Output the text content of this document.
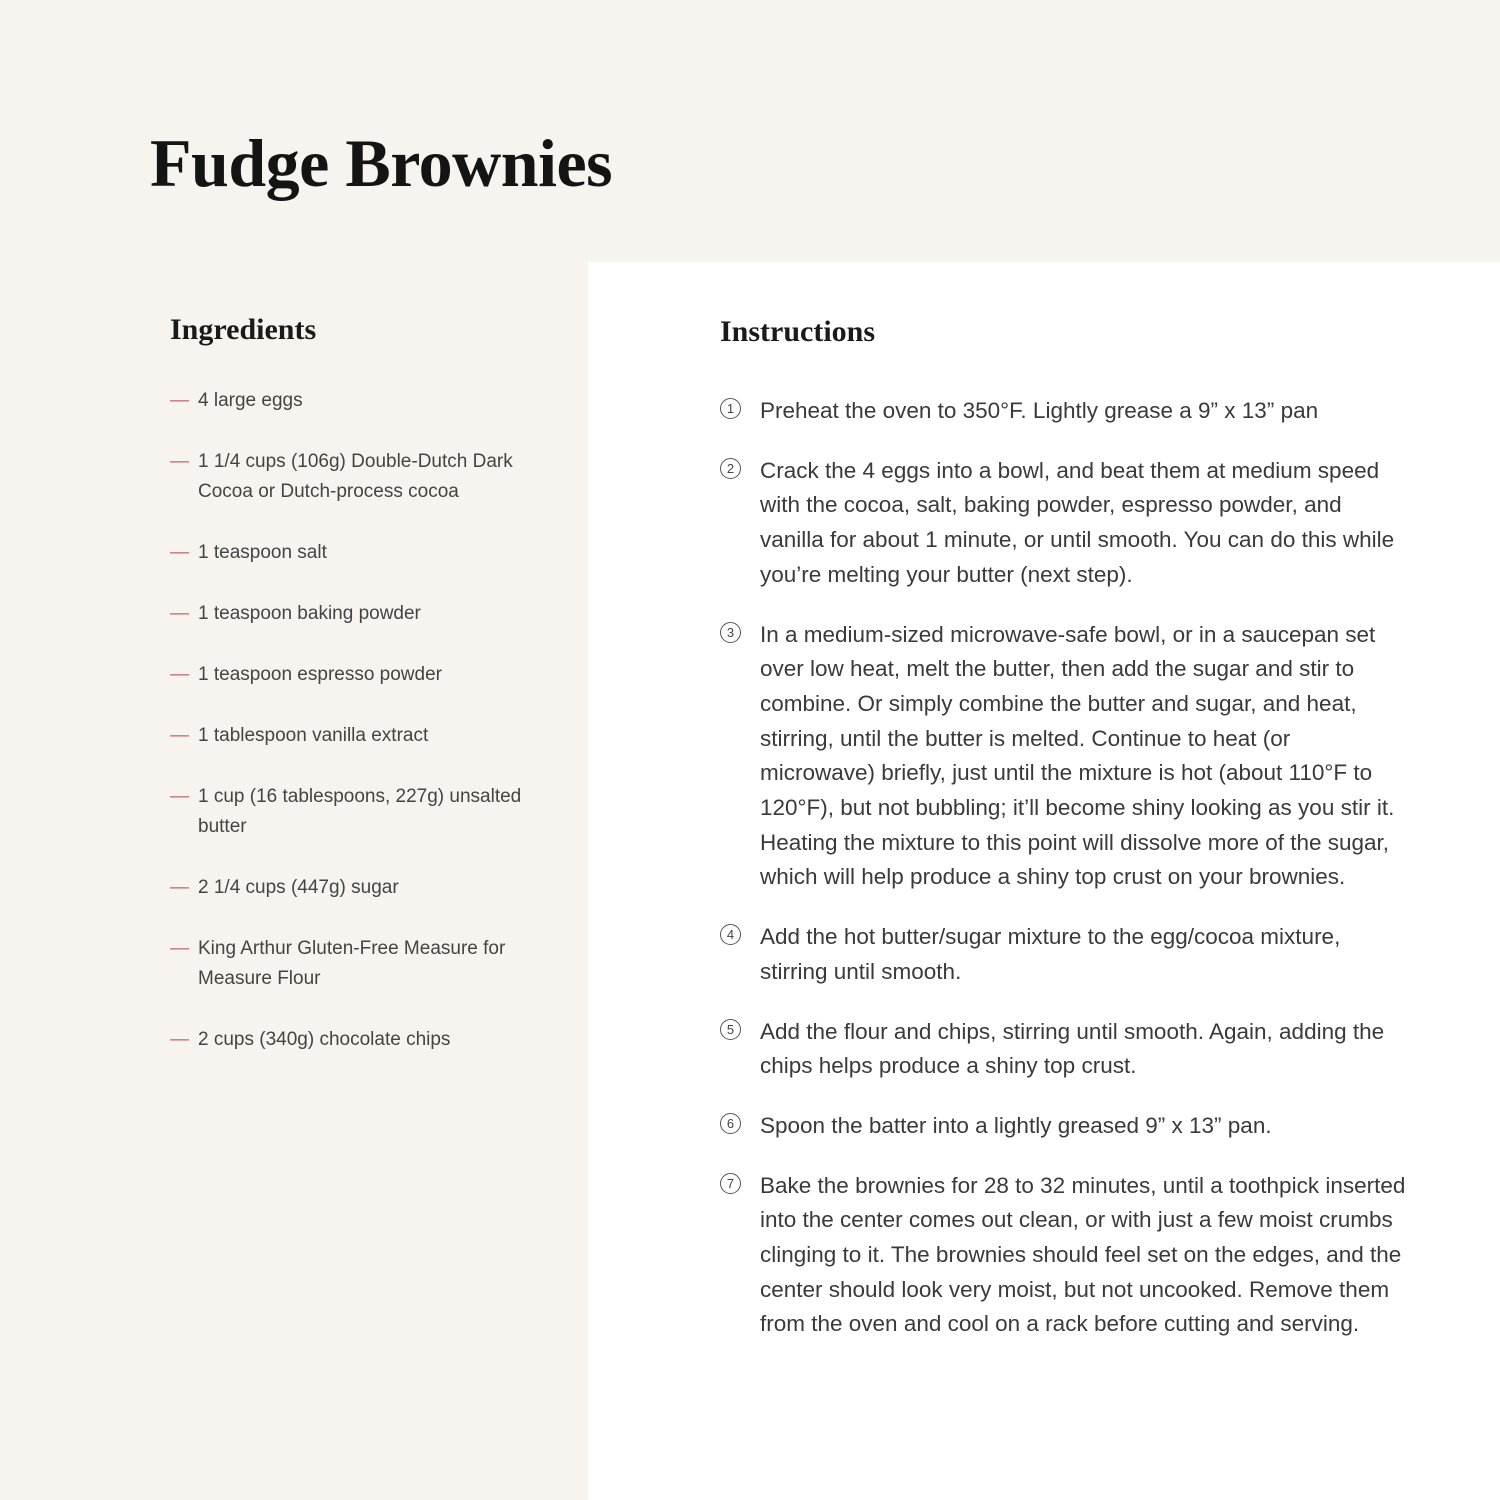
Fudge Brownies
Ingredients
— 4 large eggs
— 1 1/4 cups (106g) Double-Dutch Dark Cocoa or Dutch-process cocoa
— 1 teaspoon salt
— 1 teaspoon baking powder
— 1 teaspoon espresso powder
— 1 tablespoon vanilla extract
— 1 cup (16 tablespoons, 227g) unsalted butter
— 2 1/4 cups (447g) sugar
— King Arthur Gluten-Free Measure for Measure Flour
— 2 cups (340g) chocolate chips
Instructions
1	Preheat the oven to 350°F. Lightly grease a 9” x 13” pan
2	Crack the 4 eggs into a bowl, and beat them at medium speed with the cocoa, salt, baking powder, espresso powder, and vanilla for about 1 minute, or until smooth. You can do this while you’re melting your butter (next step).
3	In a medium-sized microwave-safe bowl, or in a saucepan set over low heat, melt the butter, then add the sugar and stir to combine. Or simply combine the butter and sugar, and heat, stirring, until the butter is melted. Continue to heat (or microwave) briefly, just until the mixture is hot (about 110°F to 120°F), but not bubbling; it’ll become shiny looking as you stir it. Heating the mixture to this point will dissolve more of the sugar, which will help produce a shiny top crust on your brownies.
4	Add the hot butter/sugar mixture to the egg/cocoa mixture, stirring until smooth.
5	Add the flour and chips, stirring until smooth. Again, adding the chips helps produce a shiny top crust.
6	Spoon the batter into a lightly greased 9” x 13” pan.
7	Bake the brownies for 28 to 32 minutes, until a toothpick inserted into the center comes out clean, or with just a few moist crumbs clinging to it. The brownies should feel set on the edges, and the center should look very moist, but not uncooked. Remove them from the oven and cool on a rack before cutting and serving.
